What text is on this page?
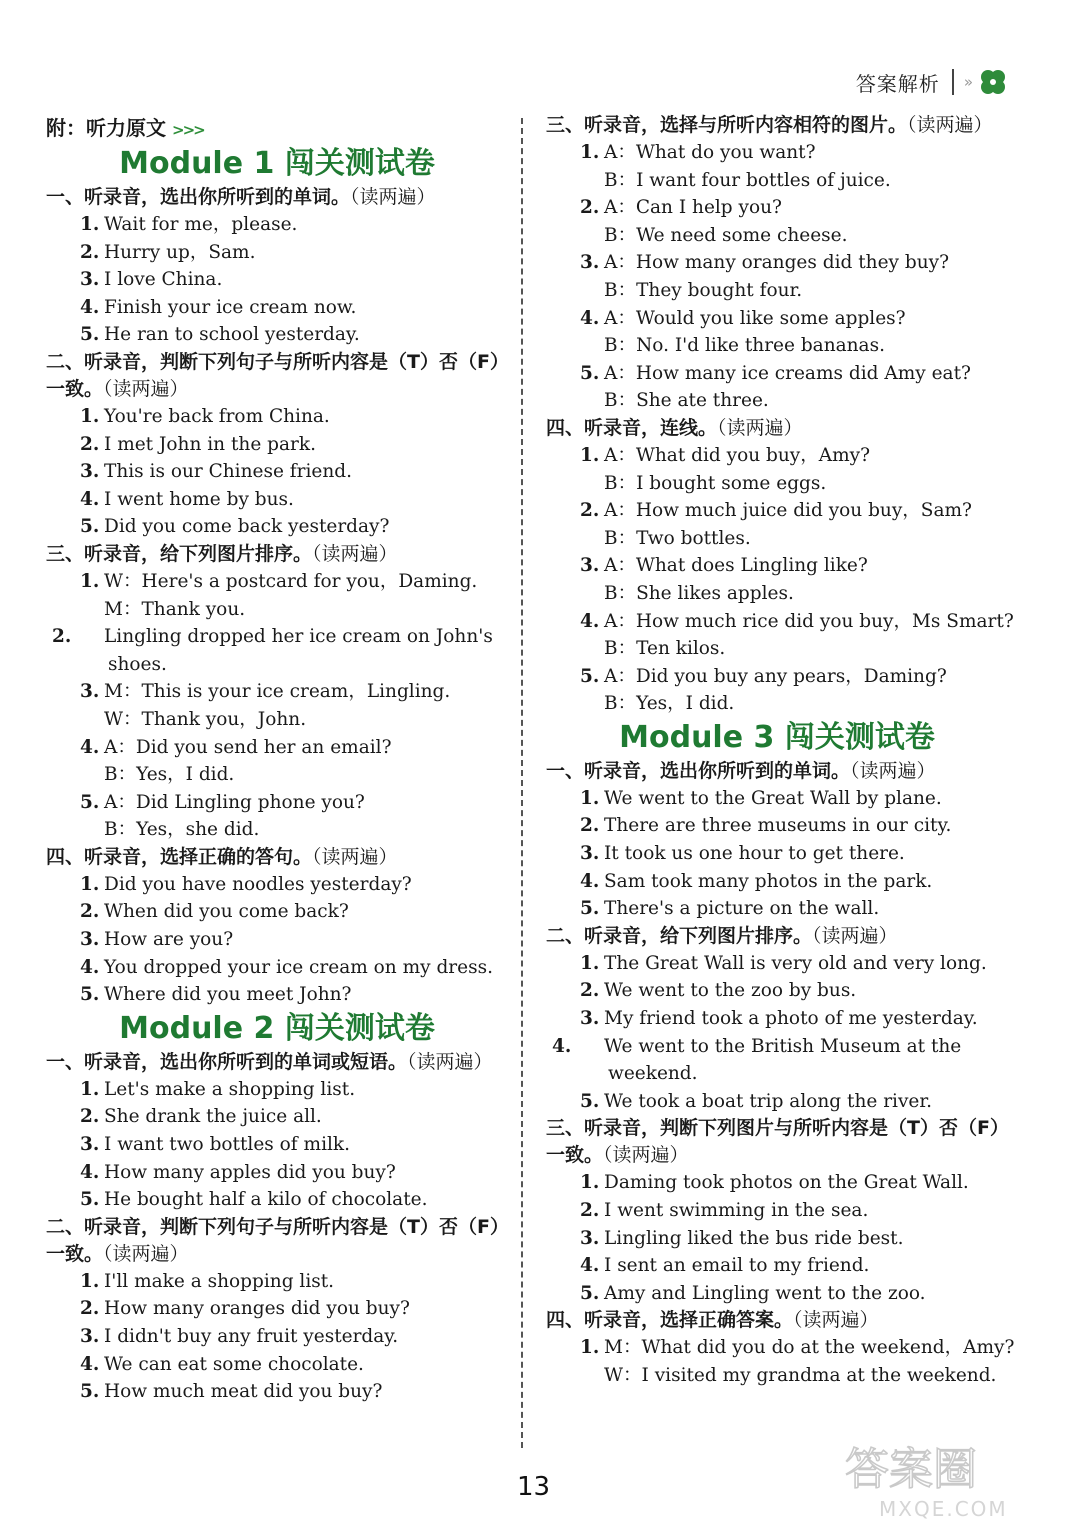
答案解析 »
附：听力原文 >>>
Module 1 闯关测试卷
一、听录音，选出你所听到的单词。（读两遍）
1. Wait for me，please.
2. Hurry up，Sam.
3. I love China.
4. Finish your ice cream now.
5. He ran to school yesterday.
二、听录音，判断下列句子与所听内容是（T）否（F）一致。（读两遍）
1. You're back from China.
2. I met John in the park.
3. This is our Chinese friend.
4. I went home by bus.
5. Did you come back yesterday?
三、听录音，给下列图片排序。（读两遍）
1. W：Here's a postcard for you，Daming.
M：Thank you.
2. Lingling dropped her ice cream on John's shoes.
3. M：This is your ice cream，Lingling.
W：Thank you，John.
4. A：Did you send her an email?
B：Yes，I did.
5. A：Did Lingling phone you?
B：Yes，she did.
四、听录音，选择正确的答句。（读两遍）
1. Did you have noodles yesterday?
2. When did you come back?
3. How are you?
4. You dropped your ice cream on my dress.
5. Where did you meet John?
Module 2 闯关测试卷
一、听录音，选出你所听到的单词或短语。（读两遍）
1. Let's make a shopping list.
2. She drank the juice all.
3. I want two bottles of milk.
4. How many apples did you buy?
5. He bought half a kilo of chocolate.
二、听录音，判断下列句子与所听内容是（T）否（F）一致。（读两遍）
1. I'll make a shopping list.
2. How many oranges did you buy?
3. I didn't buy any fruit yesterday.
4. We can eat some chocolate.
5. How much meat did you buy?
三、听录音，选择与所听内容相符的图片。（读两遍）
1. A：What do you want?
B：I want four bottles of juice.
2. A：Can I help you?
B：We need some cheese.
3. A：How many oranges did they buy?
B：They bought four.
4. A：Would you like some apples?
B：No. I'd like three bananas.
5. A：How many ice creams did Amy eat?
B：She ate three.
四、听录音，连线。（读两遍）
1. A：What did you buy，Amy?
B：I bought some eggs.
2. A：How much juice did you buy，Sam?
B：Two bottles.
3. A：What does Lingling like?
B：She likes apples.
4. A：How much rice did you buy，Ms Smart?
B：Ten kilos.
5. A：Did you buy any pears，Daming?
B：Yes，I did.
Module 3 闯关测试卷
一、听录音，选出你所听到的单词。（读两遍）
1. We went to the Great Wall by plane.
2. There are three museums in our city.
3. It took us one hour to get there.
4. Sam took many photos in the park.
5. There's a picture on the wall.
二、听录音，给下列图片排序。（读两遍）
1. The Great Wall is very old and very long.
2. We went to the zoo by bus.
3. My friend took a photo of me yesterday.
4. We went to the British Museum at the weekend.
5. We took a boat trip along the river.
三、听录音，判断下列图片与所听内容是（T）否（F）一致。（读两遍）
1. Daming took photos on the Great Wall.
2. I went swimming in the sea.
3. Lingling liked the bus ride best.
4. I sent an email to my friend.
5. Amy and Lingling went to the zoo.
四、听录音，选择正确答案。（读两遍）
1. M：What did you do at the weekend，Amy?
W：I visited my grandma at the weekend.
13	答案圈
MXQE.COM
